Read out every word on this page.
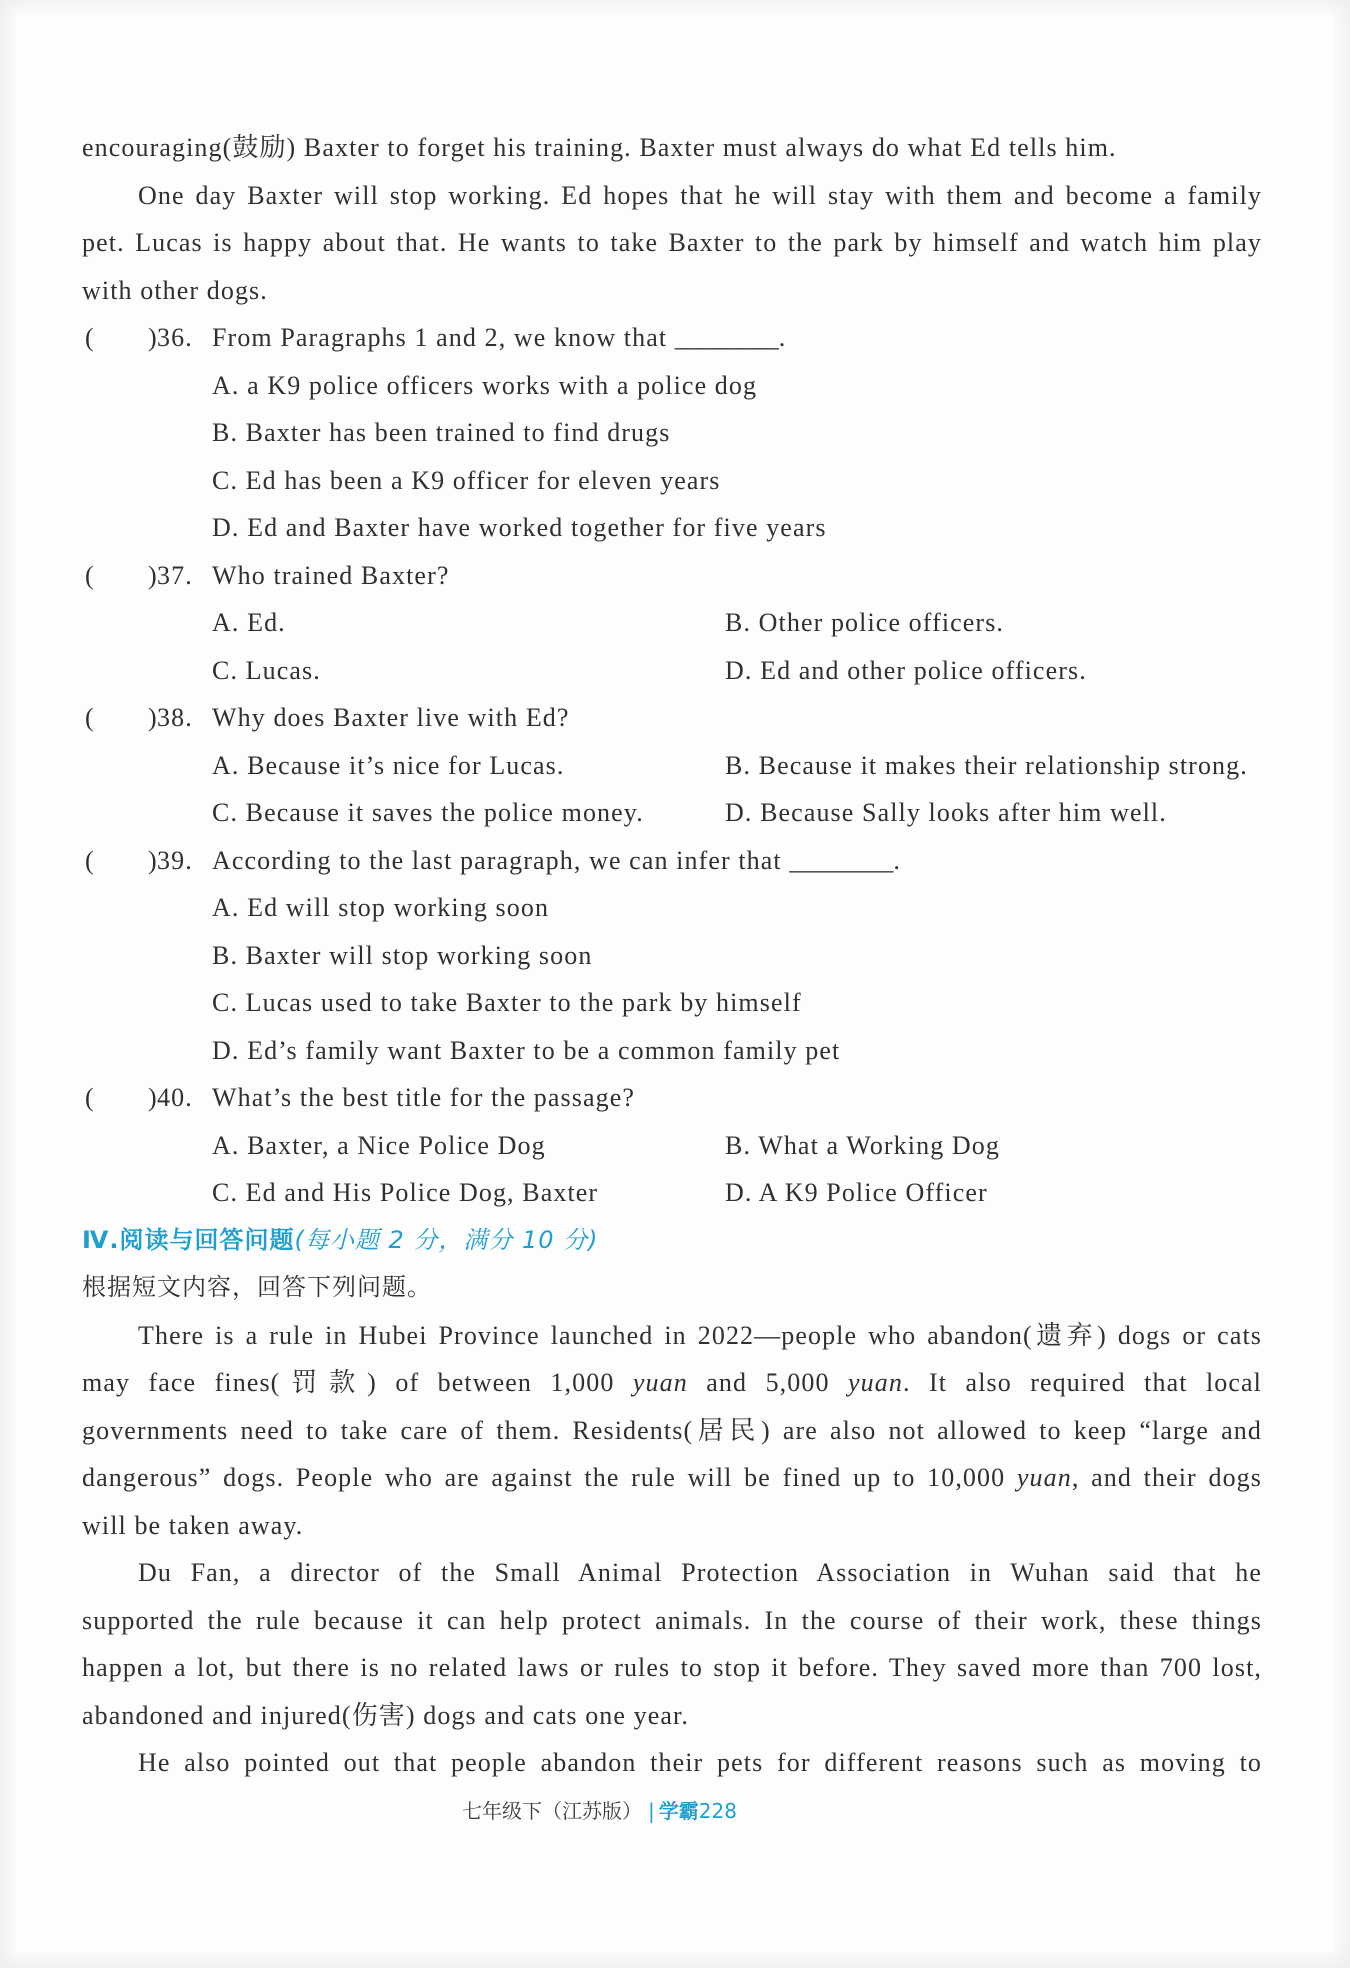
encouraging(鼓励) Baxter to forget his training. Baxter must always do what Ed tells him.
One day Baxter will stop working. Ed hopes that he will stay with them and become a family
pet. Lucas is happy about that. He wants to take Baxter to the park by himself and watch him play
with other dogs.
( ) 36. From Paragraphs 1 and 2, we know that ________.
A. a K9 police officers works with a police dog
B. Baxter has been trained to find drugs
C. Ed has been a K9 officer for eleven years
D. Ed and Baxter have worked together for five years
( ) 37. Who trained Baxter?
A. Ed.	B. Other police officers.
C. Lucas.	D. Ed and other police officers.
( ) 38. Why does Baxter live with Ed?
A. Because it’s nice for Lucas.	B. Because it makes their relationship strong.
C. Because it saves the police money.	D. Because Sally looks after him well.
( ) 39. According to the last paragraph, we can infer that ________.
A. Ed will stop working soon
B. Baxter will stop working soon
C. Lucas used to take Baxter to the park by himself
D. Ed’s family want Baxter to be a common family pet
( ) 40. What’s the best title for the passage?
A. Baxter, a Nice Police Dog	B. What a Working Dog
C. Ed and His Police Dog, Baxter	D. A K9 Police Officer
Ⅳ.阅读与回答问题(每小题 2 分，满分 10 分)
根据短文内容，回答下列问题。
There is a rule in Hubei Province launched in 2022—people who abandon(遗弃) dogs or cats
may face fines(罚款) of between 1,000 yuan and 5,000 yuan. It also required that local
governments need to take care of them. Residents(居民) are also not allowed to keep “large and
dangerous” dogs. People who are against the rule will be fined up to 10,000 yuan, and their dogs
will be taken away.
Du Fan, a director of the Small Animal Protection Association in Wuhan said that he
supported the rule because it can help protect animals. In the course of their work, these things
happen a lot, but there is no related laws or rules to stop it before. They saved more than 700 lost,
abandoned and injured(伤害) dogs and cats one year.
He also pointed out that people abandon their pets for different reasons such as moving to
七年级下（江苏版） | 学霸228
